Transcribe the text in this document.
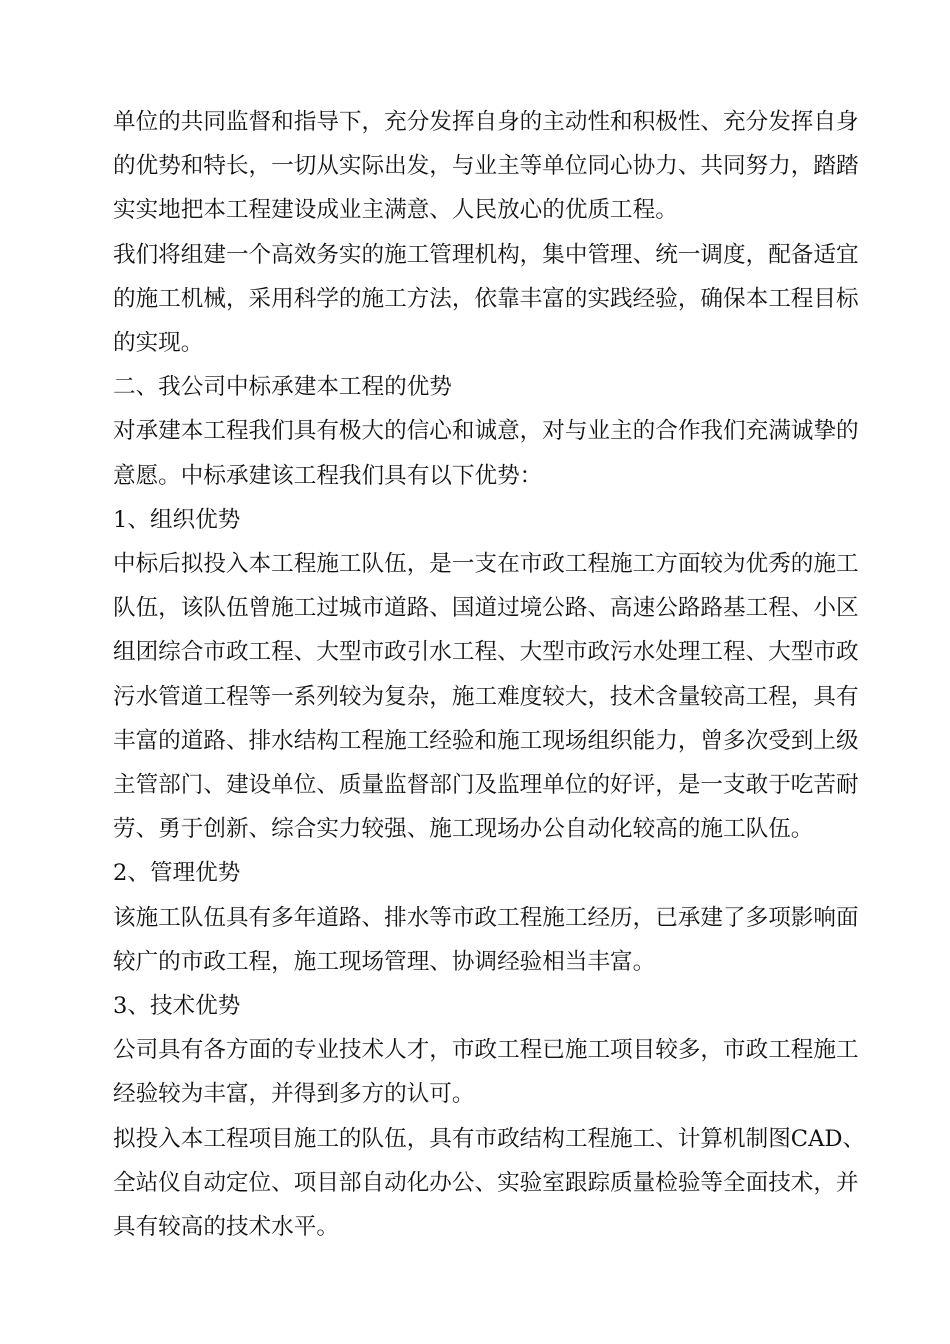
单位的共同监督和指导下，充分发挥自身的主动性和积极性、充分发挥自身
的优势和特长，一切从实际出发，与业主等单位同心协力、共同努力，踏踏
实实地把本工程建设成业主满意、人民放心的优质工程。

我们将组建一个高效务实的施工管理机构，集中管理、统一调度，配备适宜
的施工机械，采用科学的施工方法，依靠丰富的实践经验，确保本工程目标
的实现。

二、我公司中标承建本工程的优势

对承建本工程我们具有极大的信心和诚意，对与业主的合作我们充满诚挚的
意愿。中标承建该工程我们具有以下优势：

1、组织优势

中标后拟投入本工程施工队伍，是一支在市政工程施工方面较为优秀的施工
队伍，该队伍曾施工过城市道路、国道过境公路、高速公路路基工程、小区
组团综合市政工程、大型市政引水工程、大型市政污水处理工程、大型市政
污水管道工程等一系列较为复杂，施工难度较大，技术含量较高工程，具有
丰富的道路、排水结构工程施工经验和施工现场组织能力，曾多次受到上级
主管部门、建设单位、质量监督部门及监理单位的好评，是一支敢于吃苦耐
劳、勇于创新、综合实力较强、施工现场办公自动化较高的施工队伍。

2、管理优势

该施工队伍具有多年道路、排水等市政工程施工经历，已承建了多项影响面
较广的市政工程，施工现场管理、协调经验相当丰富。

3、技术优势

公司具有各方面的专业技术人才，市政工程已施工项目较多，市政工程施工
经验较为丰富，并得到多方的认可。

拟投入本工程项目施工的队伍，具有市政结构工程施工、计算机制图CAD、
全站仪自动定位、项目部自动化办公、实验室跟踪质量检验等全面技术，并
具有较高的技术水平。
